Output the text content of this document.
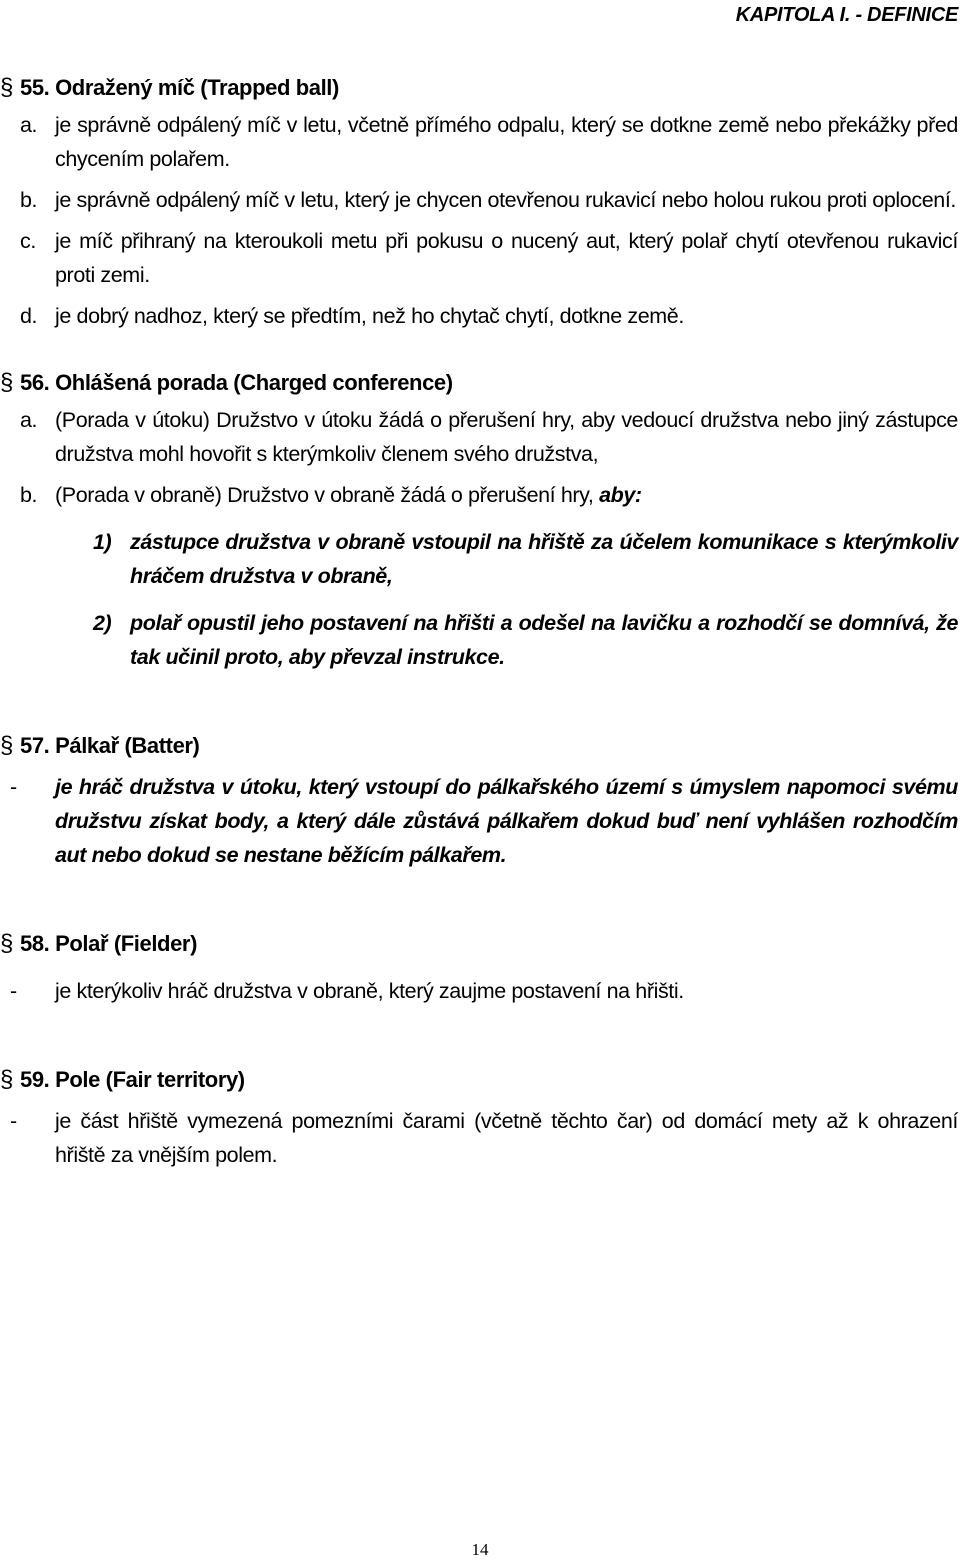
KAPITOLA I. - DEFINICE
§ 55. Odražený míč (Trapped ball)
a. je správně odpálený míč v letu, včetně přímého odpalu, který se dotkne země nebo překážky před chycením polařem.
b. je správně odpálený míč v letu, který je chycen otevřenou rukavicí nebo holou rukou proti oplocení.
c. je míč přihraný na kteroukoli metu při pokusu o nucený aut, který polař chytí otevřenou rukavicí proti zemi.
d. je dobrý nadhoz, který se předtím, než ho chytač chytí, dotkne země.
§ 56. Ohlášená porada (Charged conference)
a. (Porada v útoku) Družstvo v útoku žádá o přerušení hry, aby vedoucí družstva nebo jiný zástupce družstva mohl hovořit s kterýmkoliv členem svého družstva,
b. (Porada v obraně) Družstvo v obraně žádá o přerušení hry, aby:
1) zástupce družstva v obraně vstoupil na hřiště za účelem komunikace s kterýmkoliv hráčem družstva v obraně,
2) polař opustil jeho postavení na hřišti a odešel na lavičku a rozhodčí se domnívá, že tak učinil proto, aby převzal instrukce.
§ 57. Pálkař (Batter)
- je hráč družstva v útoku, který vstoupí do pálkařského území s úmyslem napomoci svému družstvu získat body, a který dále zůstává pálkařem dokud buď není vyhlášen rozhodčím aut nebo dokud se nestane běžícím pálkařem.
§ 58. Polař (Fielder)
- je kterýkoliv hráč družstva v obraně, který zaujme postavení na hřišti.
§ 59. Pole (Fair territory)
- je část hřiště vymezená pomezními čarami (včetně těchto čar) od domácí mety až k ohrazení hřiště za vnějším polem.
14
